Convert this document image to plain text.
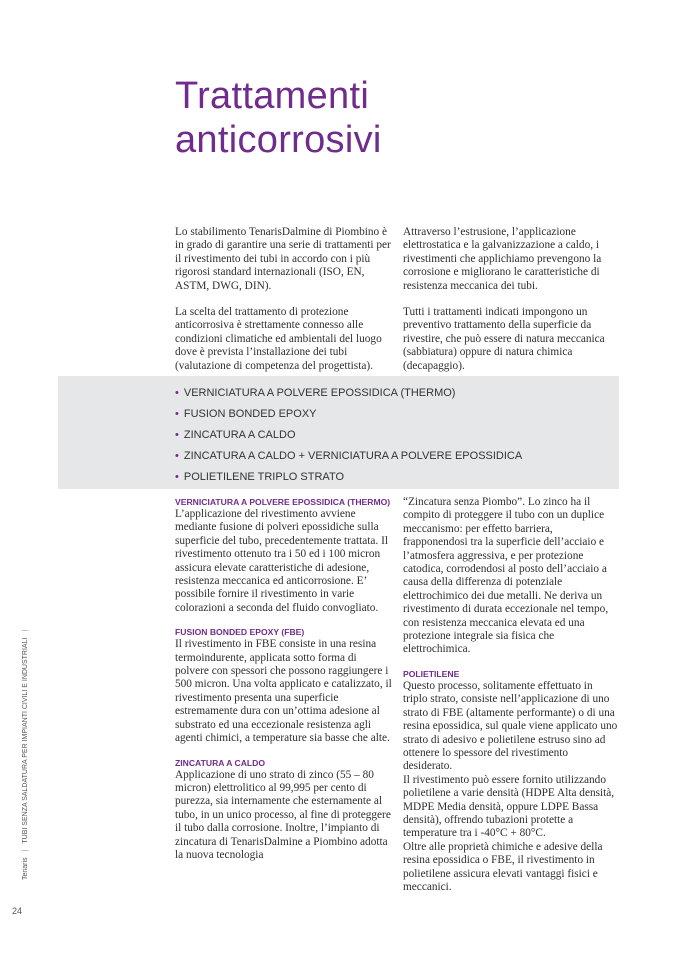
Trattamenti
anticorrosivi

Lo stabilimento TenarisDalmine di Piombino è in grado di garantire una serie di trattamenti per il rivestimento dei tubi in accordo con i più rigorosi standard internazionali (ISO, EN, ASTM, DWG, DIN).

La scelta del trattamento di protezione anticorrosiva è strettamente connesso alle condizioni climatiche ed ambientali del luogo dove è prevista l’installazione dei tubi (valutazione di competenza del progettista).

Attraverso l’estrusione, l’applicazione elettrostatica e la galvanizzazione a caldo, i rivestimenti che applichiamo prevengono la corrosione e migliorano le caratteristiche di resistenza meccanica dei tubi.

Tutti i trattamenti indicati impongono un preventivo trattamento della superficie da rivestire, che può essere di natura meccanica (sabbiatura) oppure di natura chimica (decapaggio).

• VERNICIATURA A POLVERE EPOSSIDICA (THERMO)
• FUSION BONDED EPOXY
• ZINCATURA A CALDO
• ZINCATURA A CALDO + VERNICIATURA A POLVERE EPOSSIDICA
• POLIETILENE TRIPLO STRATO
VERNICIATURA A POLVERE EPOSSIDICA (THERMO)

L’applicazione del rivestimento avviene mediante fusione di polveri epossidiche sulla superficie del tubo, precedentemente trattata. Il rivestimento ottenuto tra i 50 ed i 100 micron assicura elevate caratteristiche di adesione, resistenza meccanica ed anticorrosione. E’ possibile fornire il rivestimento in varie colorazioni a seconda del fluido convogliato.

FUSION BONDED EPOXY (FBE)

Il rivestimento in FBE consiste in una resina termoindurente, applicata sotto forma di polvere con spessori che possono raggiungere i 500 micron. Una volta applicato e catalizzato, il rivestimento presenta una superficie estremamente dura con un’ottima adesione al substrato ed una eccezionale resistenza agli agenti chimici, a temperature sia basse che alte.

ZINCATURA A CALDO

Applicazione di uno strato di zinco (55 – 80 micron) elettrolitico al 99,995 per cento di purezza, sia internamente che esternamente al tubo, in un unico processo, al fine di proteggere il tubo dalla corrosione. Inoltre, l’impianto di zincatura di TenarisDalmine a Piombino adotta la nuova tecnologia

“Zincatura senza Piombo”. Lo zinco ha il compito di proteggere il tubo con un duplice meccanismo: per effetto barriera, frapponendosi tra la superficie dell’acciaio e l’atmosfera aggressiva, e per protezione catodica, corrodendosi al posto dell’acciaio a causa della differenza di potenziale elettrochimico dei due metalli. Ne deriva un rivestimento di durata eccezionale nel tempo, con resistenza meccanica elevata ed una protezione integrale sia fisica che elettrochimica.

POLIETILENE

Questo processo, solitamente effettuato in triplo strato, consiste nell’applicazione di uno strato di FBE (altamente performante) o di una resina epossidica, sul quale viene applicato uno strato di adesivo e polietilene estruso sino ad ottenere lo spessore del rivestimento desiderato.

Il rivestimento può essere fornito utilizzando polietilene a varie densità (HDPE Alta densità, MDPE Media densità, oppure LDPE Bassa densità), offrendo tubazioni protette a temperature tra i -40°C + 80°C.

Oltre alle proprietà chimiche e adesive della resina epossidica o FBE, il rivestimento in polietilene assicura elevati vantaggi fisici e meccanici.

Tenaris|TUBI SENZA SALDATURA PER IMPIANTI CIVILI E INDUSTRIALI|
24
